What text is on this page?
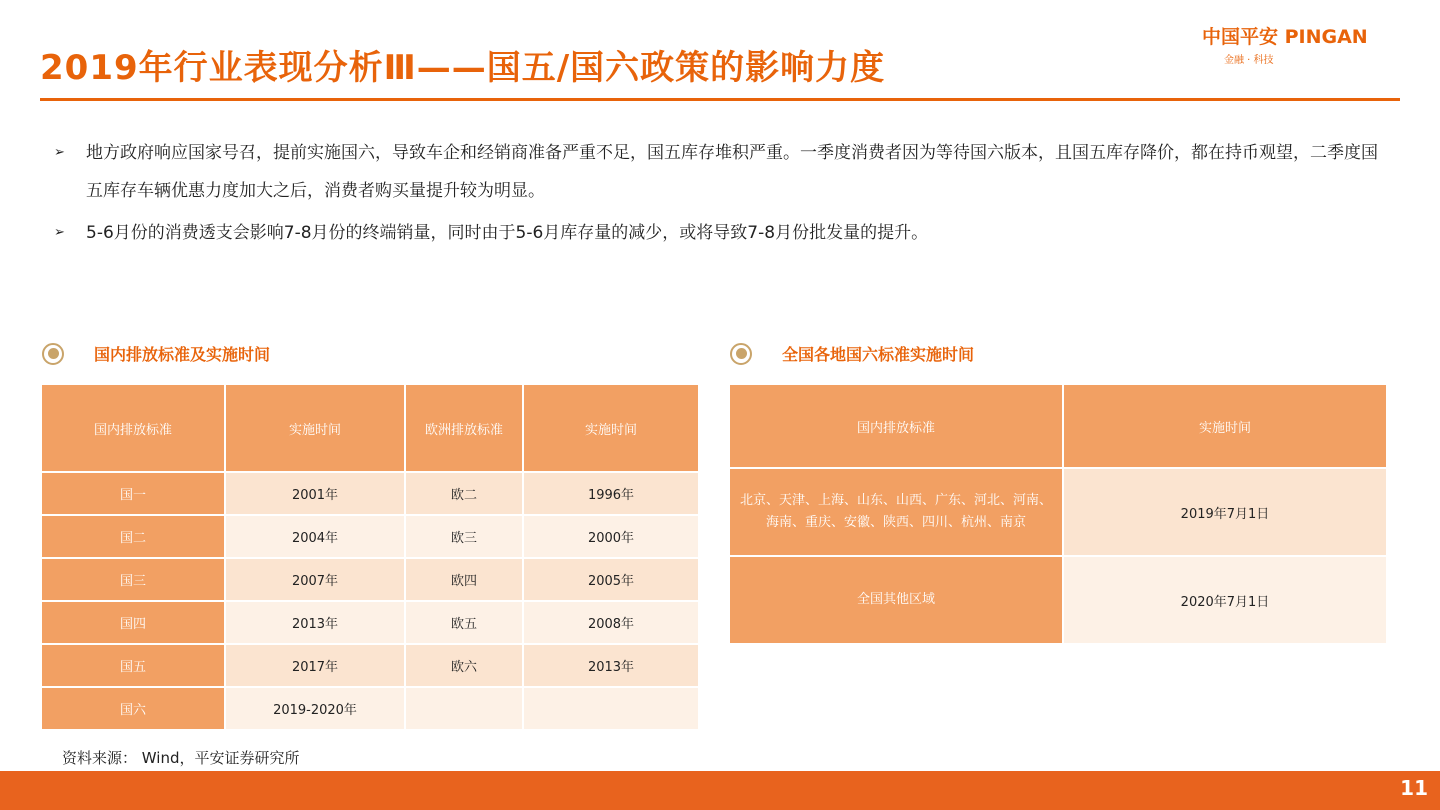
中国平安 PINGAN
金融 · 科技
2019年行业表现分析Ⅲ——国五/国六政策的影响力度
➢ 地方政府响应国家号召，提前实施国六，导致车企和经销商准备严重不足，国五库存堆积严重。一季度消费者因为等待国六版本，且国五库存降价，都在持币观望，二季度国五库存车辆优惠力度加大之后，消费者购买量提升较为明显。
➢ 5-6月份的消费透支会影响7-8月份的终端销量，同时由于5-6月库存量的减少，或将导致7-8月份批发量的提升。
国内排放标准及实施时间	全国各地国六标准实施时间
国内排放标准	实施时间	欧洲排放标准	实施时间
国一	2001年	欧二	1996年
国二	2004年	欧三	2000年
国三	2007年	欧四	2005年
国四	2013年	欧五	2008年
国五	2017年	欧六	2013年
国六	2019-2020年		
国内排放标准	实施时间
北京、天津、上海、山东、山西、广东、河北、河南、海南、重庆、安徽、陕西、四川、杭州、南京	2019年7月1日
全国其他区域	2020年7月1日
资料来源： Wind，平安证券研究所
11
